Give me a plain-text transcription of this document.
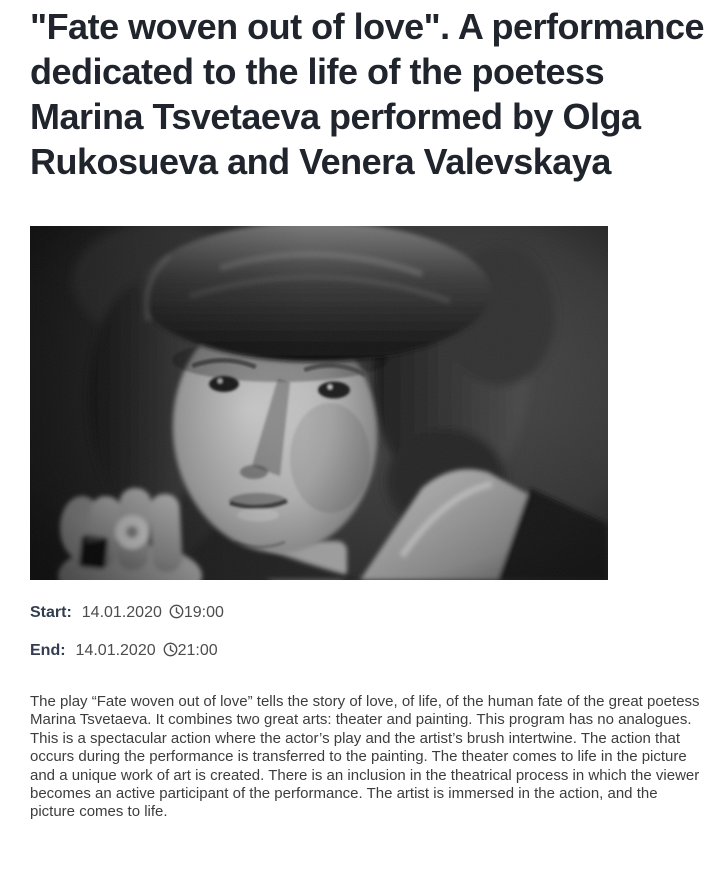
"Fate woven out of love". A performance dedicated to the life of the poetess Marina Tsvetaeva performed by Olga Rukosueva and Venera Valevskaya
Start: 14.01.2020 19:00
End: 14.01.2020 21:00

The play “Fate woven out of love” tells the story of love, of life, of the human fate of the great poetess Marina Tsvetaeva. It combines two great arts: theater and painting. This program has no analogues. This is a spectacular action where the actor’s play and the artist’s brush intertwine. The action that occurs during the performance is transferred to the painting. The theater comes to life in the picture and a unique work of art is created. There is an inclusion in the theatrical process in which the viewer becomes an active participant of the performance. The artist is immersed in the action, and the picture comes to life.
